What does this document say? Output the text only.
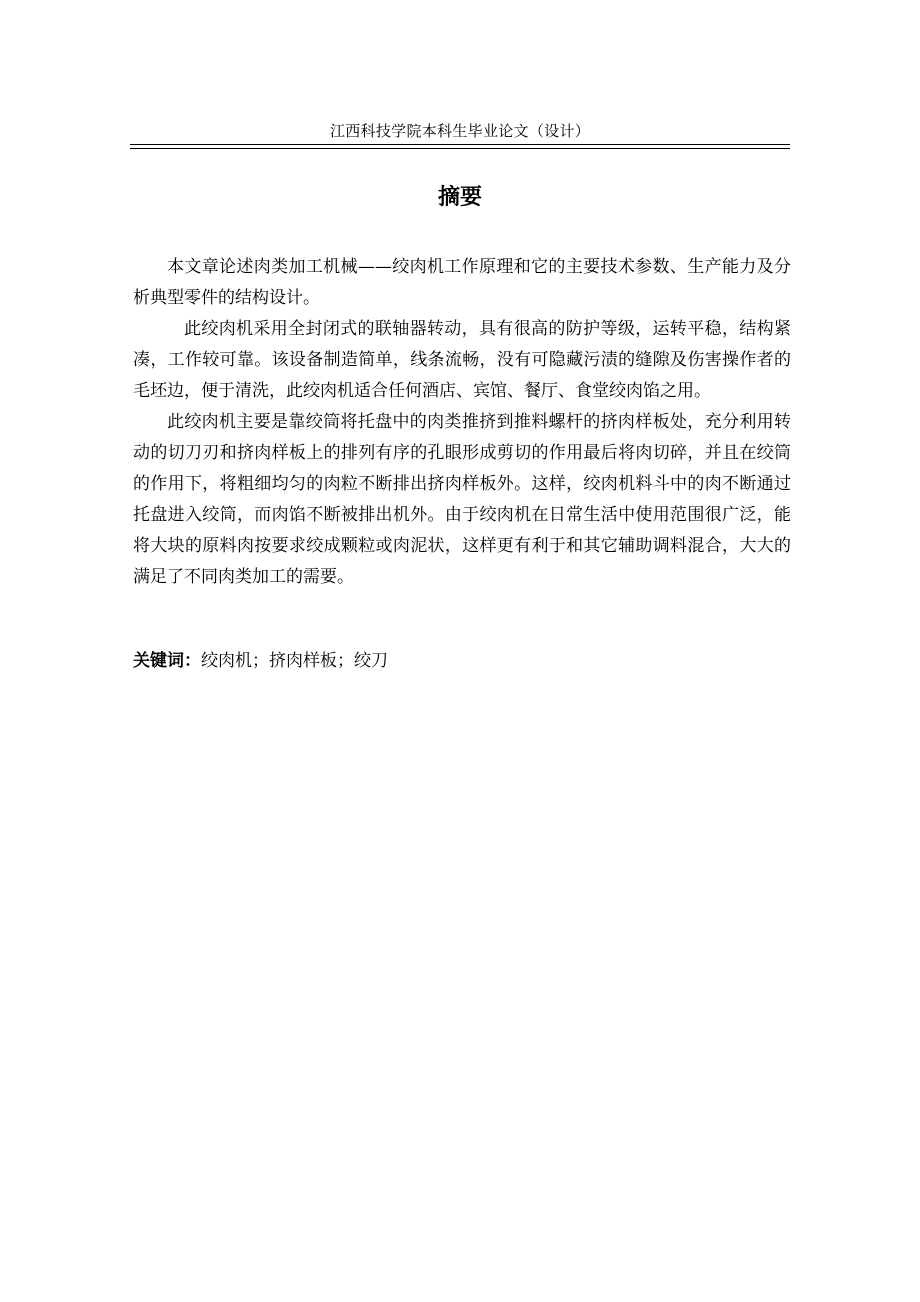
江西科技学院本科生毕业论文（设计）
摘要

本文章论述肉类加工机械——绞肉机工作原理和它的主要技术参数、生产能力及分析典型零件的结构设计。

此绞肉机采用全封闭式的联轴器转动，具有很高的防护等级，运转平稳，结构紧凑，工作较可靠。该设备制造简单，线条流畅，没有可隐藏污渍的缝隙及伤害操作者的毛坯边，便于清洗，此绞肉机适合任何酒店、宾馆、餐厅、食堂绞肉馅之用。

此绞肉机主要是靠绞筒将托盘中的肉类推挤到推料螺杆的挤肉样板处，充分利用转动的切刀刃和挤肉样板上的排列有序的孔眼形成剪切的作用最后将肉切碎，并且在绞筒的作用下，将粗细均匀的肉粒不断排出挤肉样板外。这样，绞肉机料斗中的肉不断通过托盘进入绞筒，而肉馅不断被排出机外。由于绞肉机在日常生活中使用范围很广泛，能将大块的原料肉按要求绞成颗粒或肉泥状，这样更有利于和其它辅助调料混合，大大的满足了不同肉类加工的需要。

关键词：绞肉机；挤肉样板；绞刀
